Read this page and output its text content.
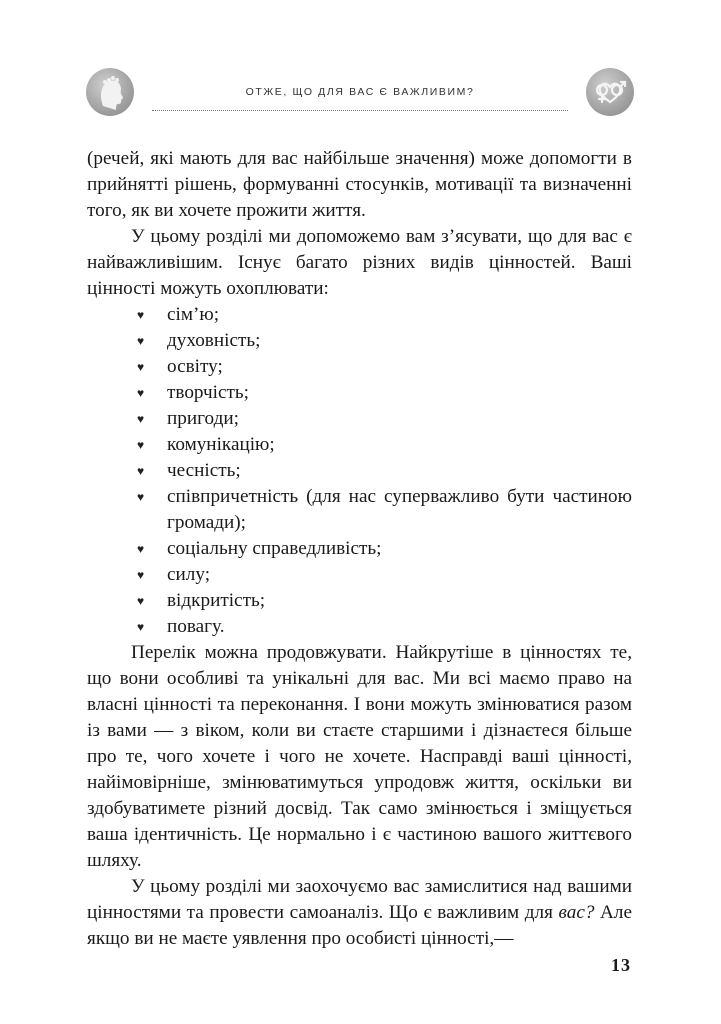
ОТЖЕ, ЩО ДЛЯ ВАС Є ВАЖЛИВИМ?

(речей, які мають для вас найбільше значення) може допомогти в прийнятті рішень, формуванні стосунків, мотивації та визначенні того, як ви хочете прожити життя.

У цьому розділі ми допоможемо вам з’ясувати, що для вас є найважливішим. Існує багато різних видів цінностей. Ваші цінності можуть охоплювати:

♥ сім’ю;
♥ духовність;
♥ освіту;
♥ творчість;
♥ пригоди;
♥ комунікацію;
♥ чесність;
♥ співпричетність (для нас суперважливо бути частиною громади);
♥ соціальну справедливість;
♥ силу;
♥ відкритість;
♥ повагу.

Перелік можна продовжувати. Найкрутіше в цінностях те, що вони особливі та унікальні для вас. Ми всі маємо право на власні цінності та переконання. І вони можуть змінюватися разом із вами — з віком, коли ви стаєте старшими і дізнаєтеся більше про те, чого хочете і чого не хочете. Насправді ваші цінності, найімовірніше, змінюватимуться упродовж життя, оскільки ви здобуватимете різний досвід. Так само змінюється і зміщується ваша ідентичність. Це нормально і є частиною вашого життєвого шляху.

У цьому розділі ми заохочуємо вас замислитися над вашими цінностями та провести самоаналіз. Що є важливим для вас? Але якщо ви не маєте уявлення про особисті цінності,—

13
